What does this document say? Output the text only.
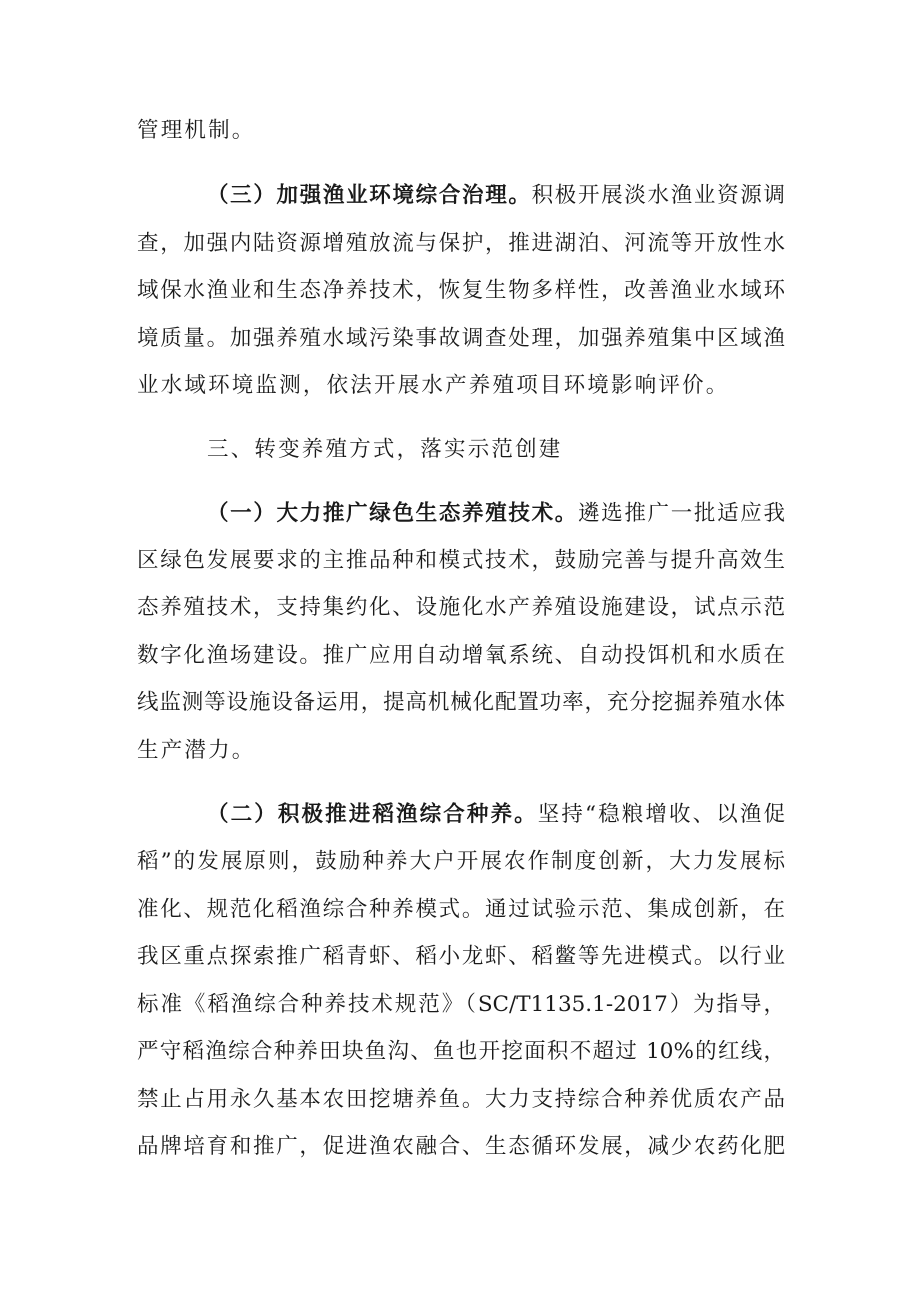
管理机制。
（三）加强渔业环境综合治理。积极开展淡水渔业资源调
查，加强内陆资源增殖放流与保护，推进湖泊、河流等开放性水
域保水渔业和生态净养技术，恢复生物多样性，改善渔业水域环
境质量。加强养殖水域污染事故调查处理，加强养殖集中区域渔
业水域环境监测，依法开展水产养殖项目环境影响评价。
三、转变养殖方式，落实示范创建
（一）大力推广绿色生态养殖技术。遴选推广一批适应我
区绿色发展要求的主推品种和模式技术，鼓励完善与提升高效生
态养殖技术，支持集约化、设施化水产养殖设施建设，试点示范
数字化渔场建设。推广应用自动增氧系统、自动投饵机和水质在
线监测等设施设备运用，提高机械化配置功率，充分挖掘养殖水体
生产潜力。
（二）积极推进稻渔综合种养。坚持“稳粮增收、以渔促
稻”的发展原则，鼓励种养大户开展农作制度创新，大力发展标
准化、规范化稻渔综合种养模式。通过试验示范、集成创新，在
我区重点探索推广稻青虾、稻小龙虾、稻鳖等先进模式。以行业
标准《稻渔综合种养技术规范》（SC/T1135.1-2017）为指导，
严守稻渔综合种养田块鱼沟、鱼也开挖面积不超过 10%的红线，
禁止占用永久基本农田挖塘养鱼。大力支持综合种养优质农产品
品牌培育和推广，促进渔农融合、生态循环发展，减少农药化肥
